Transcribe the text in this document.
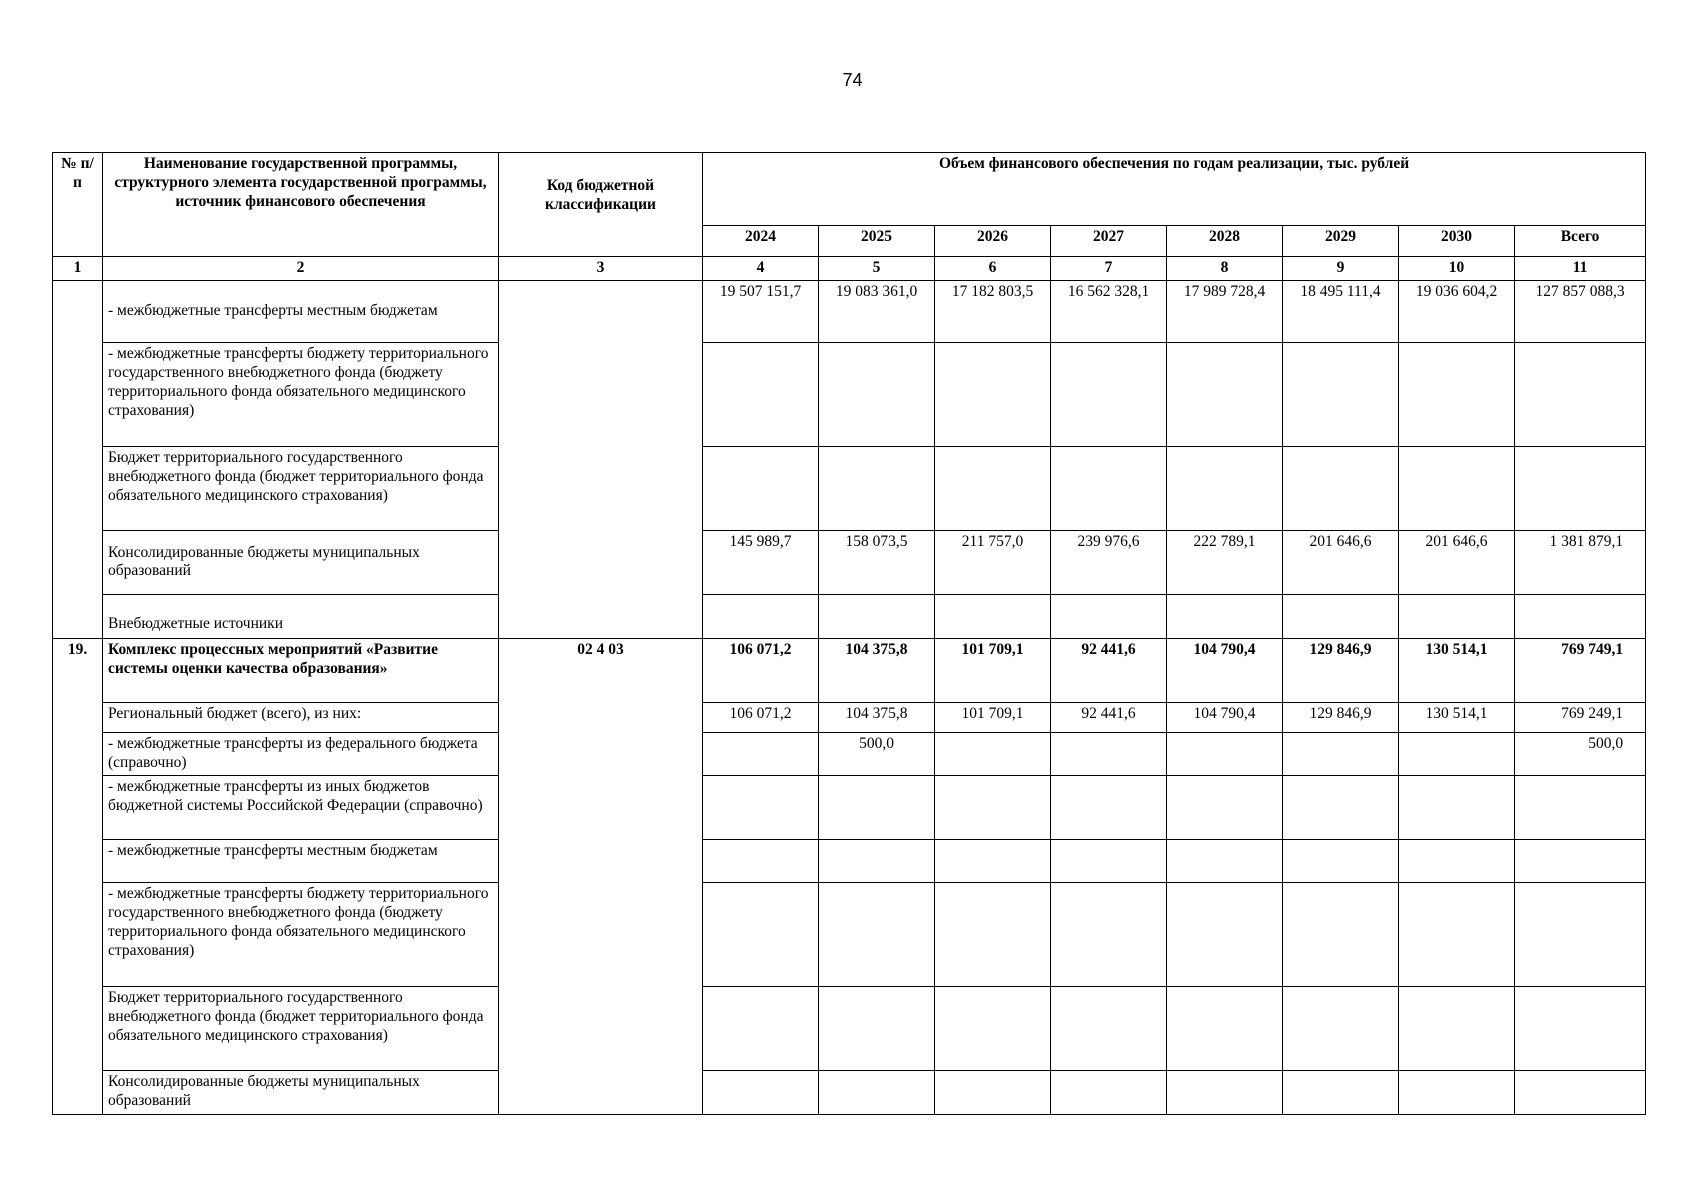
74
№ п/п	Наименование государственной программы, структурного элемента государственной программы, источник финансового обеспечения	Код бюджетной классификации	Объем финансового обеспечения по годам реализации, тыс. рублей							
			2024	2025	2026	2027	2028	2029	2030	Всего
1	2	3	4	5	6	7	8	9	10	11
	- межбюджетные трансферты местным бюджетам		19 507 151,7	19 083 361,0	17 182 803,5	16 562 328,1	17 989 728,4	18 495 111,4	19 036 604,2	127 857 088,3
	- межбюджетные трансферты бюджету территориального государственного внебюджетного фонда (бюджету территориального фонда обязательного медицинского страхования)									
	Бюджет территориального государственного внебюджетного фонда (бюджет территориального фонда обязательного медицинского страхования)									
	Консолидированные бюджеты муниципальных образований		145 989,7	158 073,5	211 757,0	239 976,6	222 789,1	201 646,6	201 646,6	1 381 879,1
	Внебюджетные источники									
19.	Комплекс процессных мероприятий «Развитие системы оценки качества образования»	02 4 03	106 071,2	104 375,8	101 709,1	92 441,6	104 790,4	129 846,9	130 514,1	769 749,1
	Региональный бюджет (всего), из них:		106 071,2	104 375,8	101 709,1	92 441,6	104 790,4	129 846,9	130 514,1	769 249,1
	- межбюджетные трансферты из федерального бюджета (справочно)			500,0						500,0
	- межбюджетные трансферты из иных бюджетов бюджетной системы Российской Федерации (справочно)									
	- межбюджетные трансферты местным бюджетам									
	- межбюджетные трансферты бюджету территориального государственного внебюджетного фонда (бюджету территориального фонда обязательного медицинского страхования)									
	Бюджет территориального государственного внебюджетного фонда (бюджет территориального фонда обязательного медицинского страхования)									
	Консолидированные бюджеты муниципальных образований									
